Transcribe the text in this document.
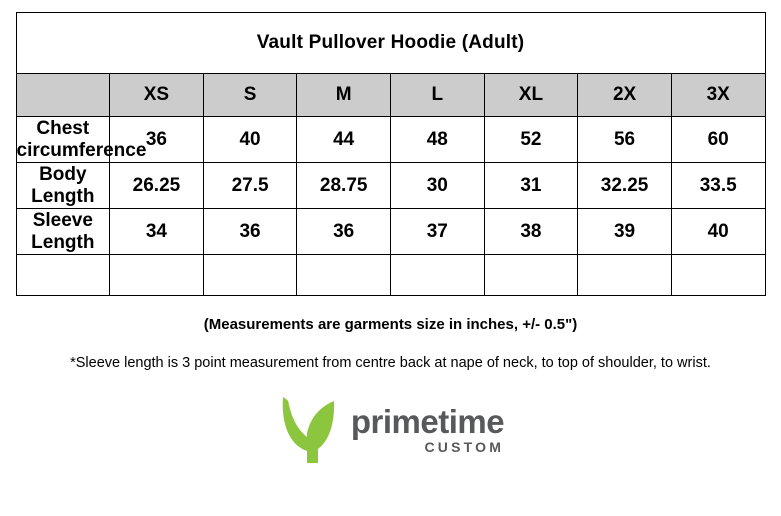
Vault Pullover Hoodie (Adult)							
	XS	S	M	L	XL	2X	3X
Chest circumference	36	40	44	48	52	56	60
Body Length	26.25	27.5	28.75	30	31	32.25	33.5
Sleeve Length	34	36	36	37	38	39	40

(Measurements are garments size in inches, +/- 0.5")
*Sleeve length is 3 point measurement from centre back at nape of neck, to top of shoulder, to wrist.
primetime
CUSTOM
